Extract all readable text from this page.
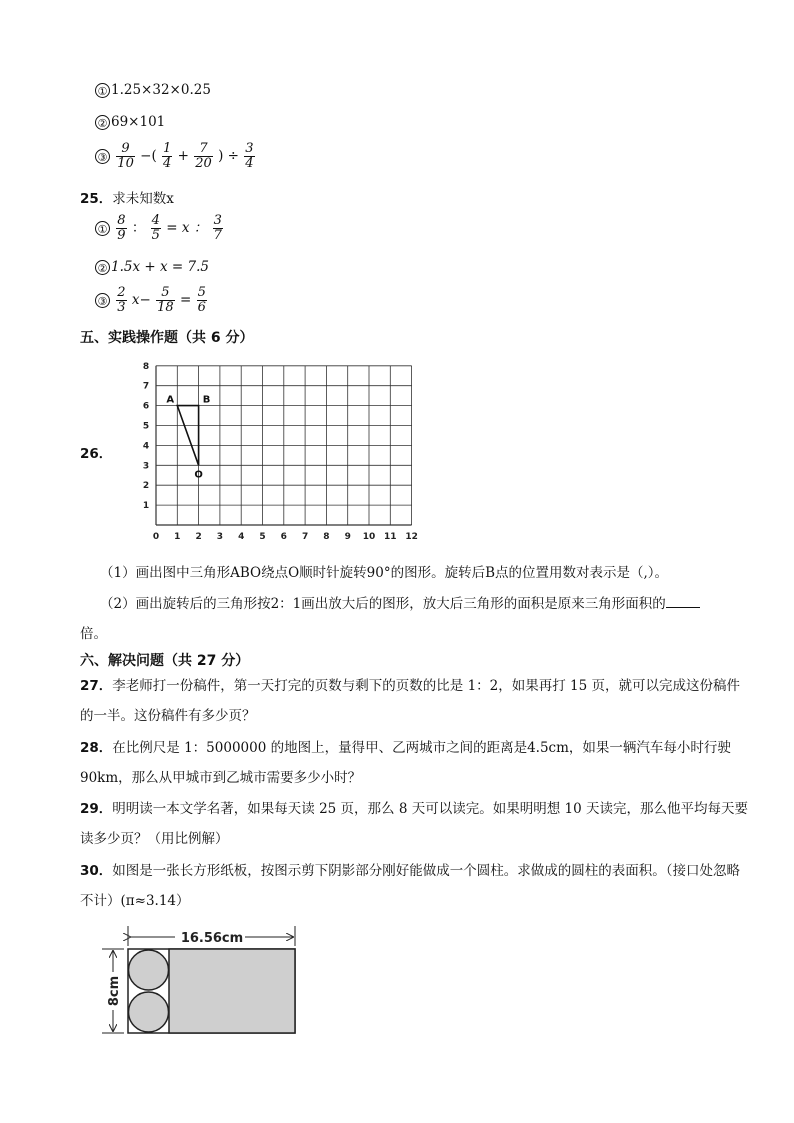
① 1.25×32×0.25
② 69×101
③ $\frac{9}{10}$ −( $\frac{1}{4} + \frac{7}{20}$ ) ÷ $\frac{3}{4}$
25．求未知数x
① $\frac{8}{9}$ ： $\frac{4}{5} = x$ ： $\frac{3}{7}$
② 1.5x + x = 7.5
③ $\frac{2}{3} x- \frac{5}{18} = \frac{5}{6}$
五、实践操作题（共 6 分）
26．
0 1 2 3 4 5 6 7 8 9 10 11 12
1
2
3
4
5
6
7
8
A	B
O
（1）画出图中三角形ABO绕点O顺时针旋转90°的图形。旋转后B点的位置用数对表示是（,）。
（2）画出旋转后的三角形按2：1画出放大后的图形，放大后三角形的面积是原来三角形面积的
倍。
六、解决问题（共 27 分）
27．李老师打一份稿件，第一天打完的页数与剩下的页数的比是 1：2，如果再打 15 页，就可以完成这份稿件的一半。这份稿件有多少页？
28．在比例尺是 1：5000000 的地图上，量得甲、乙两城市之间的距离是4.5cm，如果一辆汽车每小时行驶 90km，那么从甲城市到乙城市需要多少小时？
29．明明读一本文学名著，如果每天读 25 页，那么 8 天可以读完。如果明明想 10 天读完，那么他平均每天要读多少页？（用比例解）
30．如图是一张长方形纸板，按图示剪下阴影部分刚好能做成一个圆柱。求做成的圆柱的表面积。（接口处忽略不计）(π≈3.14）
16.56cm
8cm
